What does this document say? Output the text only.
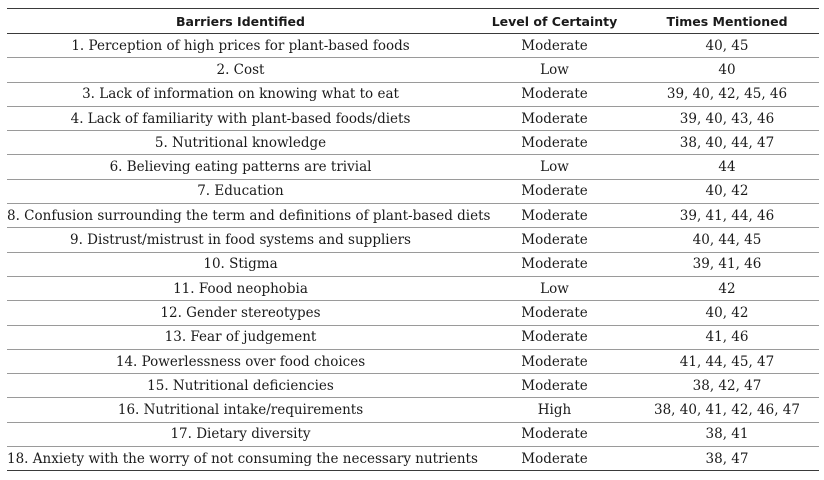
Barriers Identified	Level of Certainty	Times Mentioned
1. Perception of high prices for plant-based foods	Moderate	40, 45
2. Cost	Low	40
3. Lack of information on knowing what to eat	Moderate	39, 40, 42, 45, 46
4. Lack of familiarity with plant-based foods/diets	Moderate	39, 40, 43, 46
5. Nutritional knowledge	Moderate	38, 40, 44, 47
6. Believing eating patterns are trivial	Low	44
7. Education	Moderate	40, 42
8. Confusion surrounding the term and definitions of plant-based diets	Moderate	39, 41, 44, 46
9. Distrust/mistrust in food systems and suppliers	Moderate	40, 44, 45
10. Stigma	Moderate	39, 41, 46
11. Food neophobia	Low	42
12. Gender stereotypes	Moderate	40, 42
13. Fear of judgement	Moderate	41, 46
14. Powerlessness over food choices	Moderate	41, 44, 45, 47
15. Nutritional deficiencies	Moderate	38, 42, 47
16. Nutritional intake/requirements	High	38, 40, 41, 42, 46, 47
17. Dietary diversity	Moderate	38, 41
18. Anxiety with the worry of not consuming the necessary nutrients	Moderate	38, 47
